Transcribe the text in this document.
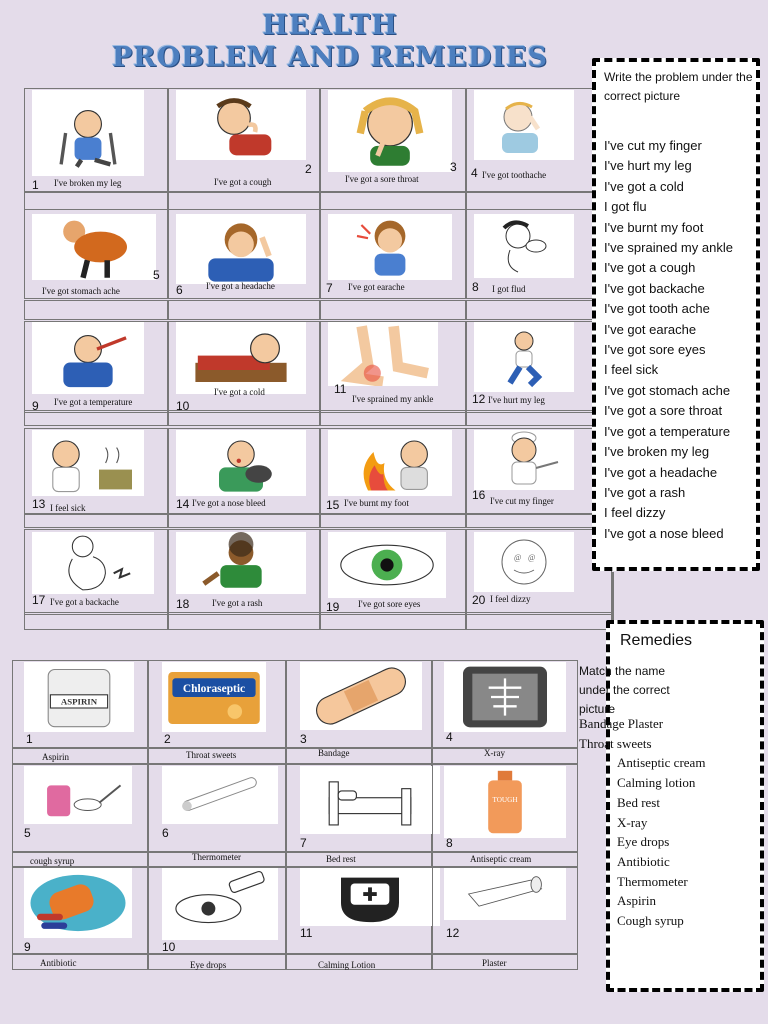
HEALTH
PROBLEM AND REMEDIES
1 I've broken my leg
2
I've got a cough
3
I've got a sore throat	4 I've got toothache
5
I've got stomach ache	6	I've got a headache	7 I've got earache	8 I got flud
9 I've got a temperature	10
I've got a cold	11
I've sprained my ankle	12 I've hurt my leg
13 I feel sick	14 I've got a nose bleed	15 I've burnt my foot
16 I've cut my finger
17 I've got a backache	18	I've got a rash	19 I've got sore eyes
@ @
20 I feel dizzy
ASPIRIN
1
Aspirin
Chloraseptic
2
Throat sweets
3
Bandage
4
X-ray
5
cough syrup
6
Thermometer
7
Bed rest
TOUGH
8
Antiseptic cream
9
Antibiotic
10
Eye drops
11
Calming Lotion
12
Plaster
Write the problem under the correct picture
I've cut my finger
I've hurt my leg
I've got a cold
I got flu
I've burnt my foot
I've sprained my ankle
I've got a cough
I've got backache
I've got tooth ache
I've got earache
I've got sore eyes
I feel sick
I've got stomach ache
I've got a sore throat
I've got a temperature
I've broken my leg
I've got a headache
I've got a rash
I feel dizzy
I've got a nose bleed
Remedies
Match the name under the correct picture
Bandage Plaster
Throat sweets
Antiseptic cream
Calming lotion
Bed rest
X-ray
Eye drops
Antibiotic
Thermometer
Aspirin
Cough syrup
